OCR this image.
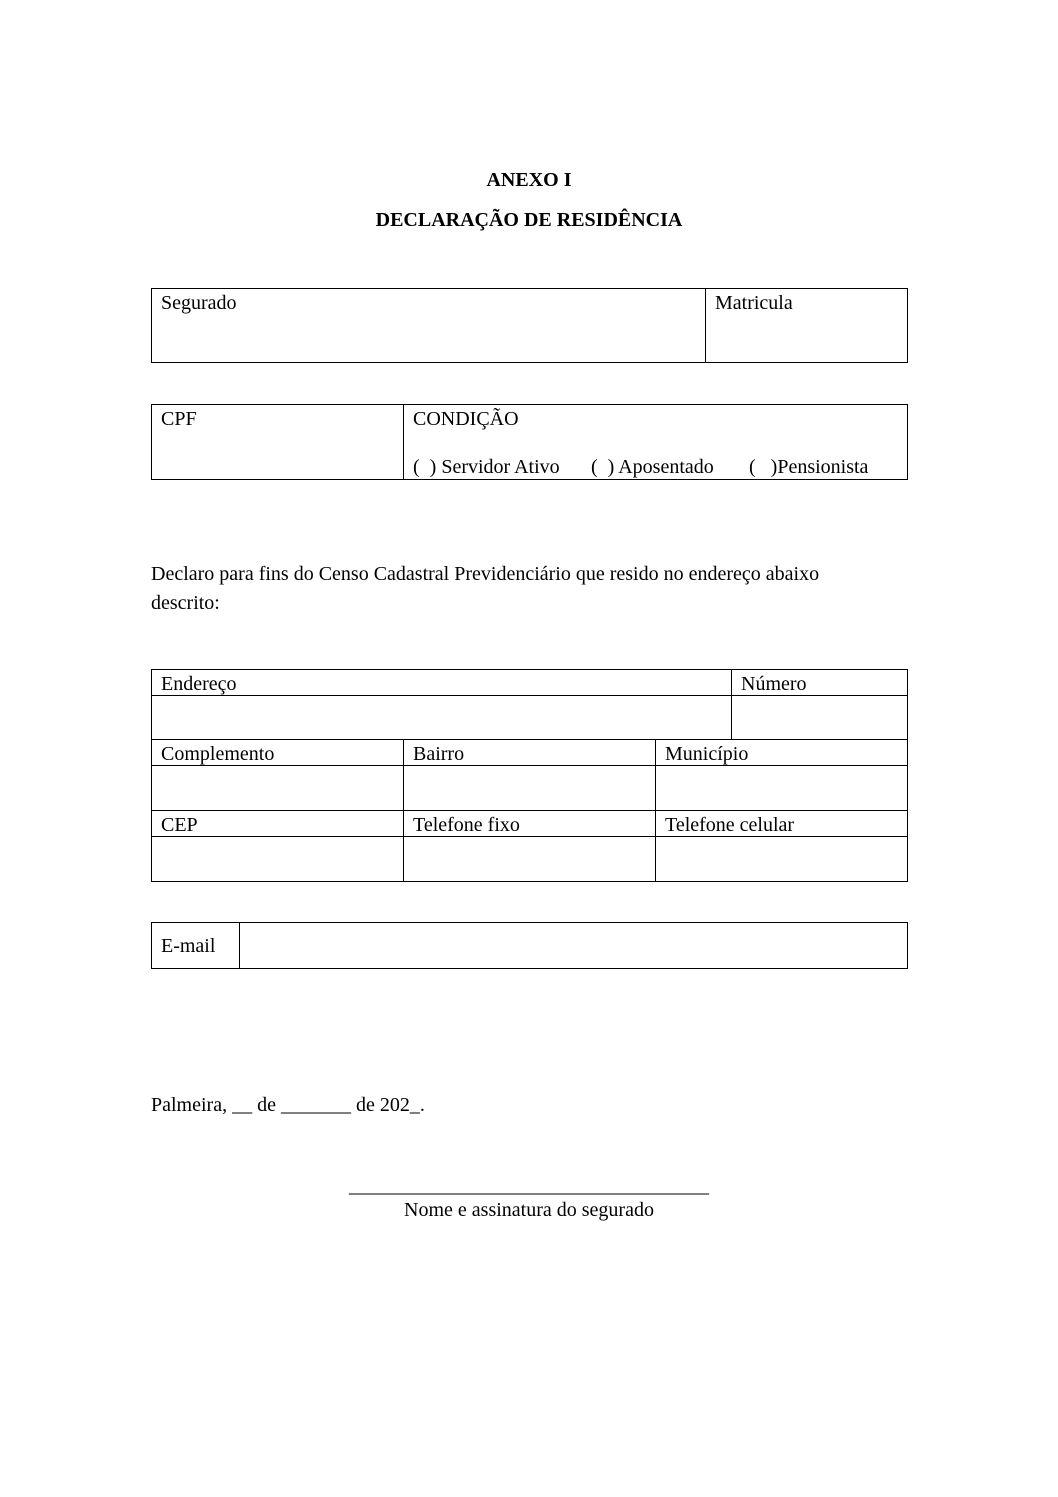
ANEXO I
DECLARAÇÃO DE RESIDÊNCIA
Segurado	Matricula
CPF	CONDIÇÃO
(  ) Servidor Ativo (  ) Aposentado (   )Pensionista
Declaro para fins do Censo Cadastral Previdenciário que resido no endereço abaixo
descrito:
Endereço	Número
Complemento	Bairro	Município
CEP	Telefone fixo	Telefone celular
E-mail
Palmeira, __ de _______ de 202_.
____________________________________
Nome e assinatura do segurado
